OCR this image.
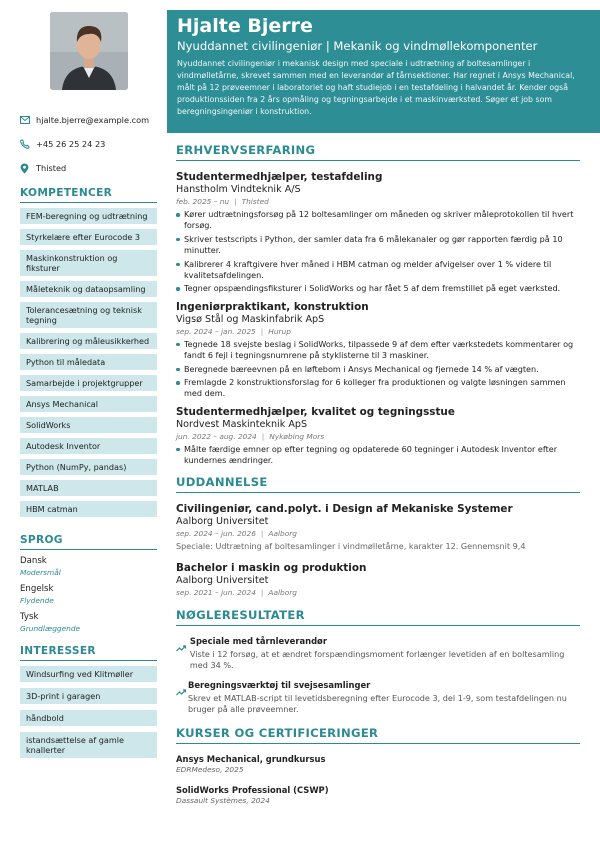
hjalte.bjerre@example.com
+45 26 25 24 23
Thisted
KOMPETENCER
FEM-beregning og udtrætning
Styrkelære efter Eurocode 3
Maskinkonstruktion og fiksturer
Måleteknik og dataopsamling
Tolerancesætning og teknisk tegning
Kalibrering og måleusikkerhed
Python til måledata
Samarbejde i projektgrupper
Ansys Mechanical
SolidWorks
Autodesk Inventor
Python (NumPy, pandas)
MATLAB
HBM catman
SPROG
Dansk
Modersmål
Engelsk
Flydende
Tysk
Grundlæggende
INTERESSER
Windsurfing ved Klitmøller
3D-print i garagen
håndbold
istandsættelse af gamle knallerter
Hjalte Bjerre
Nyuddannet civilingeniør | Mekanik og vindmøllekomponenter
Nyuddannet civilingeniør i mekanisk design med speciale i udtrætning af boltesamlinger i vindmølletårne, skrevet sammen med en leverandør af tårnsektioner. Har regnet i Ansys Mechanical, målt på 12 prøveemner i laboratoriet og haft studiejob i en testafdeling i halvandet år. Kender også produktionssiden fra 2 års opmåling og tegningsarbejde i et maskinværksted. Søger et job som beregningsingeniør i konstruktion.
ERHVERVSERFARING
Studentermedhjælper, testafdeling
Hanstholm Vindteknik A/S
feb. 2025 – nu | Thisted
Kører udtrætningsforsøg på 12 boltesamlinger om måneden og skriver måleprotokollen til hvert forsøg.
Skriver testscripts i Python, der samler data fra 6 målekanaler og gør rapporten færdig på 10 minutter.
Kalibrerer 4 kraftgivere hver måned i HBM catman og melder afvigelser over 1 % videre til kvalitetsafdelingen.
Tegner opspændingsfiksturer i SolidWorks og har fået 5 af dem fremstillet på eget værksted.
Ingeniørpraktikant, konstruktion
Vigsø Stål og Maskinfabrik ApS
sep. 2024 – jan. 2025 | Hurup
Tegnede 18 svejste beslag i SolidWorks, tilpassede 9 af dem efter værkstedets kommentarer og fandt 6 fejl i tegningsnumrene på styklisterne til 3 maskiner.
Beregnede bæreevnen på en løftebom i Ansys Mechanical og fjernede 14 % af vægten.
Fremlagde 2 konstruktionsforslag for 6 kolleger fra produktionen og valgte løsningen sammen med dem.
Studentermedhjælper, kvalitet og tegningsstue
Nordvest Maskinteknik ApS
jun. 2022 – aug. 2024 | Nykøbing Mors
Målte færdige emner op efter tegning og opdaterede 60 tegninger i Autodesk Inventor efter kundernes ændringer.
UDDANNELSE
Civilingeniør, cand.polyt. i Design af Mekaniske Systemer
Aalborg Universitet
sep. 2024 – jun. 2026 | Aalborg
Speciale: Udtrætning af boltesamlinger i vindmølletårne, karakter 12. Gennemsnit 9,4
Bachelor i maskin og produktion
Aalborg Universitet
sep. 2021 – jun. 2024 | Aalborg
NØGLERESULTATER
Speciale med tårnleverandør
Viste i 12 forsøg, at et ændret forspændingsmoment forlænger levetiden af en boltesamling med 34 %.
Beregningsværktøj til svejsesamlinger
Skrev et MATLAB-script til levetidsberegning efter Eurocode 3, del 1-9, som testafdelingen nu bruger på alle prøveemner.
KURSER OG CERTIFICERINGER
Ansys Mechanical, grundkursus
EDRMedeso, 2025
SolidWorks Professional (CSWP)
Dassault Systèmes, 2024
